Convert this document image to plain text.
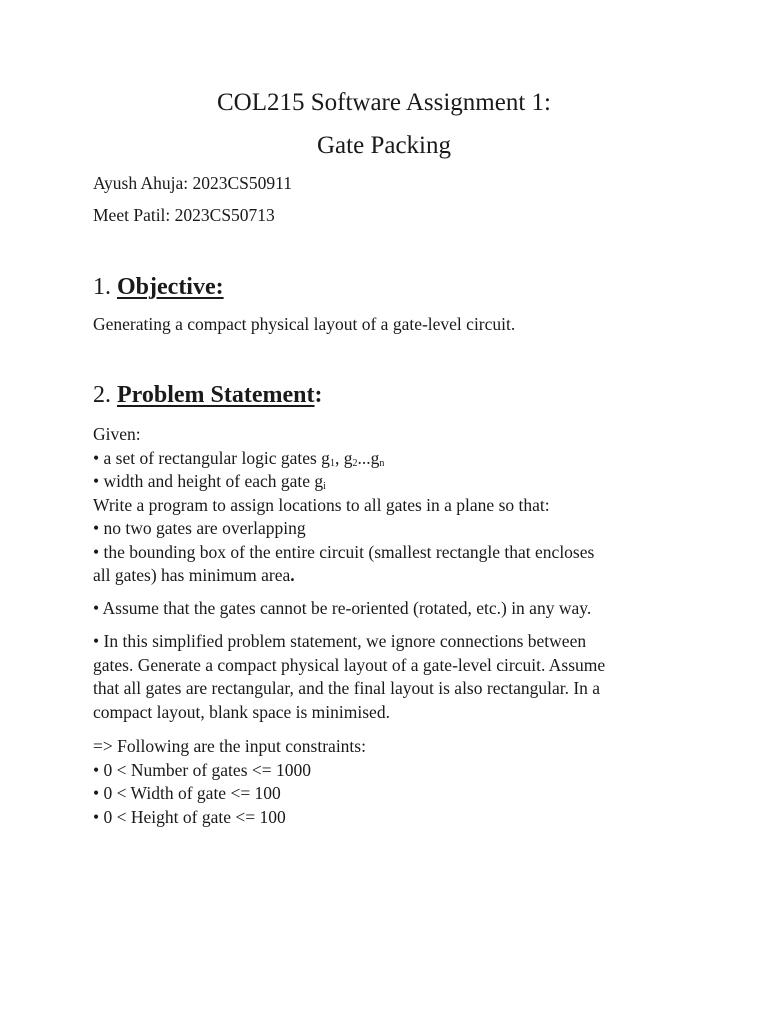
COL215 Software Assignment 1:
Gate Packing

Ayush Ahuja: 2023CS50911

Meet Patil: 2023CS50713

1. Objective:

Generating a compact physical layout of a gate-level circuit.

2. Problem Statement:
Given:
• a set of rectangular logic gates $g_1$, $g_2...g_n$
• width and height of each gate $g_i$
Write a program to assign locations to all gates in a plane so that:
• no two gates are overlapping
• the bounding box of the entire circuit (smallest rectangle that encloses
all gates) has minimum area.

• Assume that the gates cannot be re-oriented (rotated, etc.) in any way.

• In this simplified problem statement, we ignore connections between
gates. Generate a compact physical layout of a gate-level circuit. Assume
that all gates are rectangular, and the final layout is also rectangular. In a
compact layout, blank space is minimised.
=> Following are the input constraints:
• 0 < Number of gates <= 1000
• 0 < Width of gate <= 100
• 0 < Height of gate <= 100
